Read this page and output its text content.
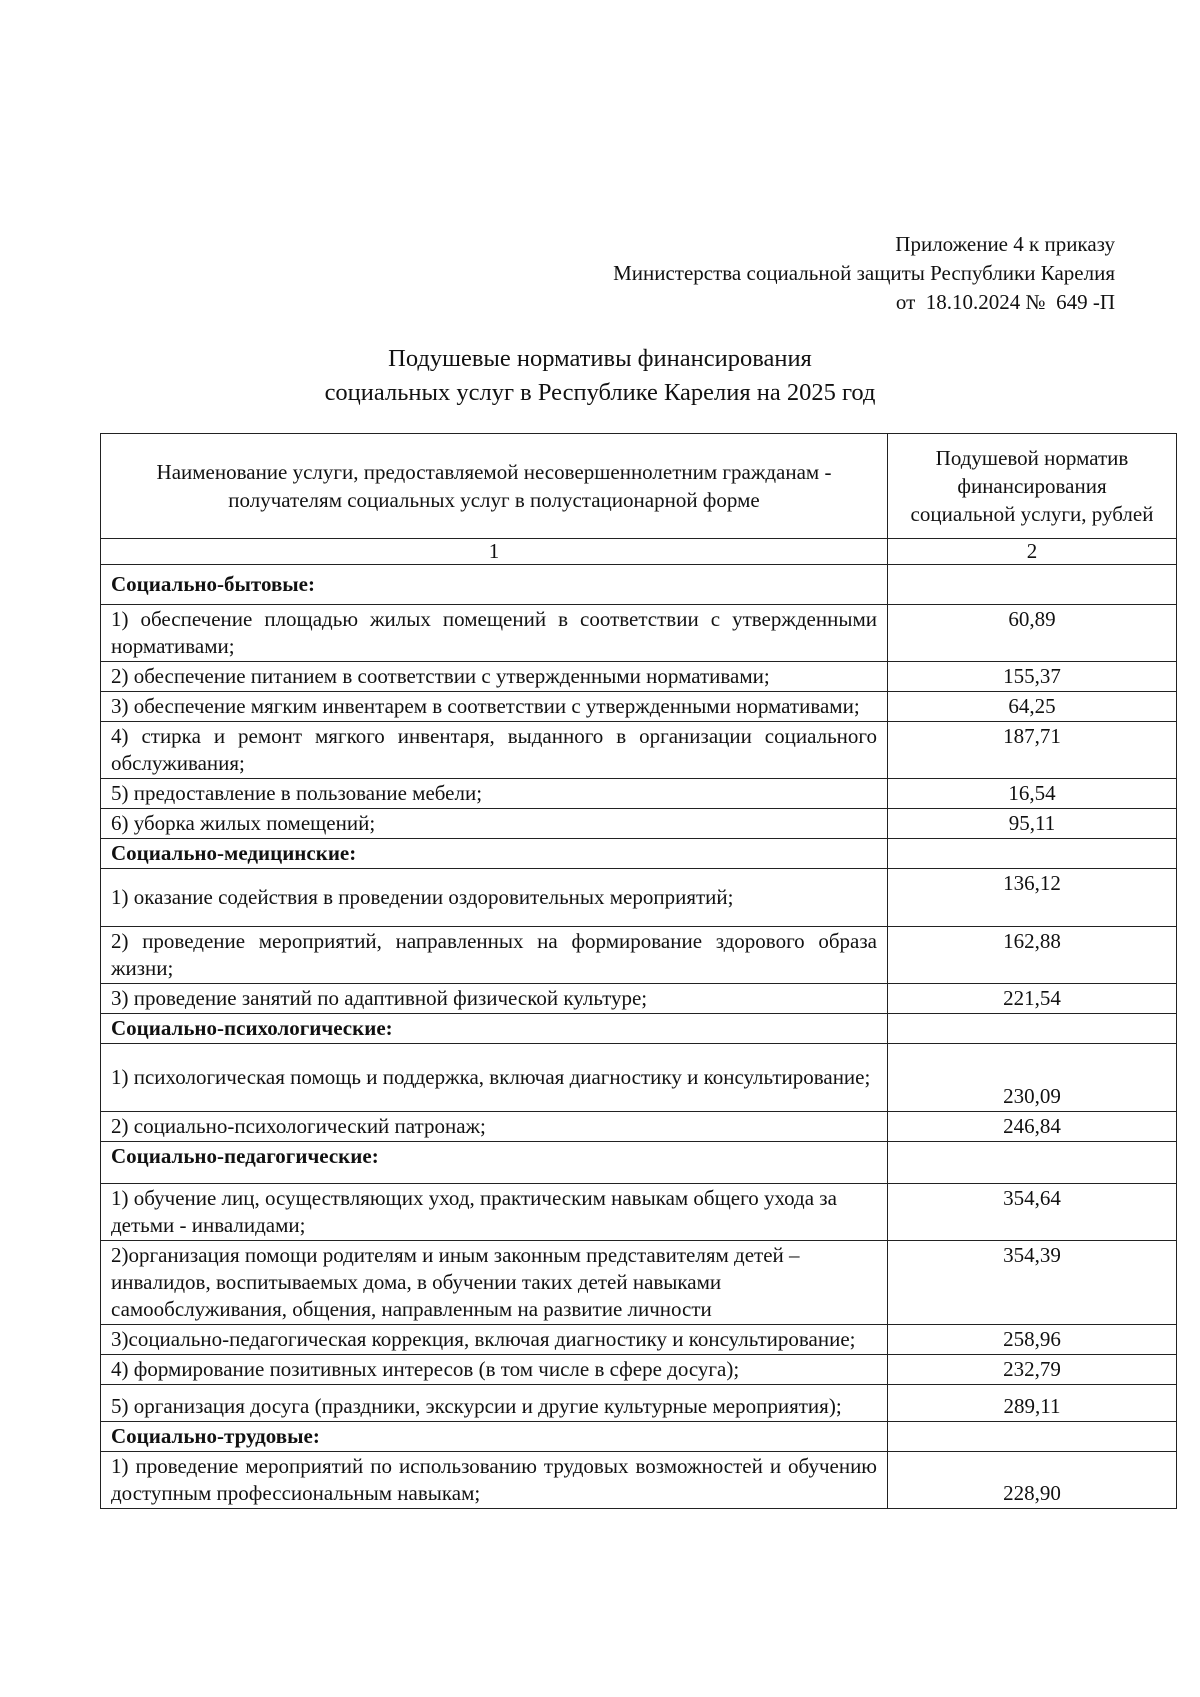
Приложение 4 к приказу
Министерства социальной защиты Республики Карелия
от  18.10.2024 №  649 -П
Подушевые нормативы финансирования
социальных услуг в Республике Карелия на 2025 год
Наименование услуги, предоставляемой несовершеннолетним гражданам - получателям социальных услуг в полустационарной форме	Подушевой норматив финансирования социальной услуги, рублей
1	2
Социально-бытовые:	
1) обеспечение площадью жилых помещений в соответствии с утвержденными нормативами;	60,89
2) обеспечение питанием в соответствии с утвержденными нормативами;	155,37
3) обеспечение мягким инвентарем в соответствии с утвержденными нормативами;	64,25
4) стирка и ремонт мягкого инвентаря, выданного в организации социального обслуживания;	187,71
5) предоставление в пользование мебели;	16,54
6) уборка жилых помещений;	95,11
Социально-медицинские:	
1) оказание содействия в проведении оздоровительных мероприятий;	136,12
2) проведение мероприятий, направленных на формирование здорового образа жизни;	162,88
3) проведение занятий по адаптивной физической культуре;	221,54
Социально-психологические:	
1) психологическая помощь и поддержка, включая диагностику и консультирование;	230,09
2) социально-психологический патронаж;	246,84
Социально-педагогические:	
1) обучение лиц, осуществляющих уход, практическим навыкам общего ухода за детьми - инвалидами;	354,64
2)организация помощи родителям и иным законным представителям детей – инвалидов, воспитываемых дома, в обучении таких детей навыками самообслуживания, общения, направленным на развитие личности	354,39
3)социально-педагогическая коррекция, включая диагностику и консультирование;	258,96
4) формирование позитивных интересов (в том числе в сфере досуга);	232,79
5) организация досуга (праздники, экскурсии и другие культурные мероприятия);	289,11
Социально-трудовые:	
1) проведение мероприятий по использованию трудовых возможностей и обучению доступным профессиональным навыкам;	228,90
